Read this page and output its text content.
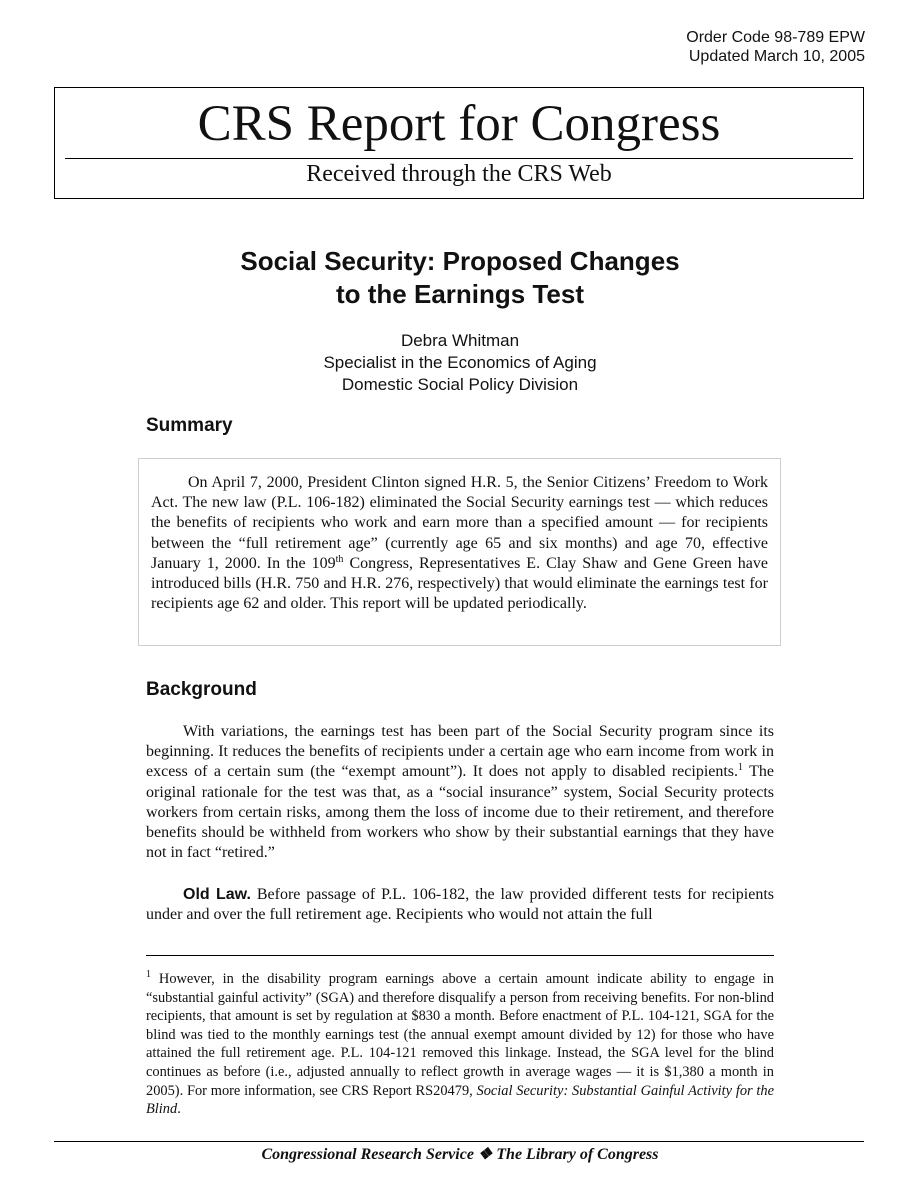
Order Code 98-789 EPW
Updated March 10, 2005
CRS Report for Congress
Received through the CRS Web
Social Security: Proposed Changes
to the Earnings Test
Debra Whitman
Specialist in the Economics of Aging
Domestic Social Policy Division
Summary

On April 7, 2000, President Clinton signed H.R. 5, the Senior Citizens’ Freedom to Work Act. The new law (P.L. 106-182) eliminated the Social Security earnings test — which reduces the benefits of recipients who work and earn more than a specified amount — for recipients between the “full retirement age” (currently age 65 and six months) and age 70, effective January 1, 2000. In the 109th Congress, Representatives E. Clay Shaw and Gene Green have introduced bills (H.R. 750 and H.R. 276, respectively) that would eliminate the earnings test for recipients age 62 and older. This report will be updated periodically.

Background

With variations, the earnings test has been part of the Social Security program since its beginning. It reduces the benefits of recipients under a certain age who earn income from work in excess of a certain sum (the “exempt amount”). It does not apply to disabled recipients.$^1$ The original rationale for the test was that, as a “social insurance” system, Social Security protects workers from certain risks, among them the loss of income due to their retirement, and therefore benefits should be withheld from workers who show by their substantial earnings that they have not in fact “retired.”

Old Law. Before passage of P.L. 106-182, the law provided different tests for recipients under and over the full retirement age. Recipients who would not attain the full

$^1$ However, in the disability program earnings above a certain amount indicate ability to engage in “substantial gainful activity” (SGA) and therefore disqualify a person from receiving benefits. For non-blind recipients, that amount is set by regulation at $830 a month. Before enactment of P.L. 104-121, SGA for the blind was tied to the monthly earnings test (the annual exempt amount divided by 12) for those who have attained the full retirement age. P.L. 104-121 removed this linkage. Instead, the SGA level for the blind continues as before (i.e., adjusted annually to reflect growth in average wages — it is $1,380 a month in 2005). For more information, see CRS Report RS20479, Social Security: Substantial Gainful Activity for the Blind.

Congressional Research Service ❖ The Library of Congress
